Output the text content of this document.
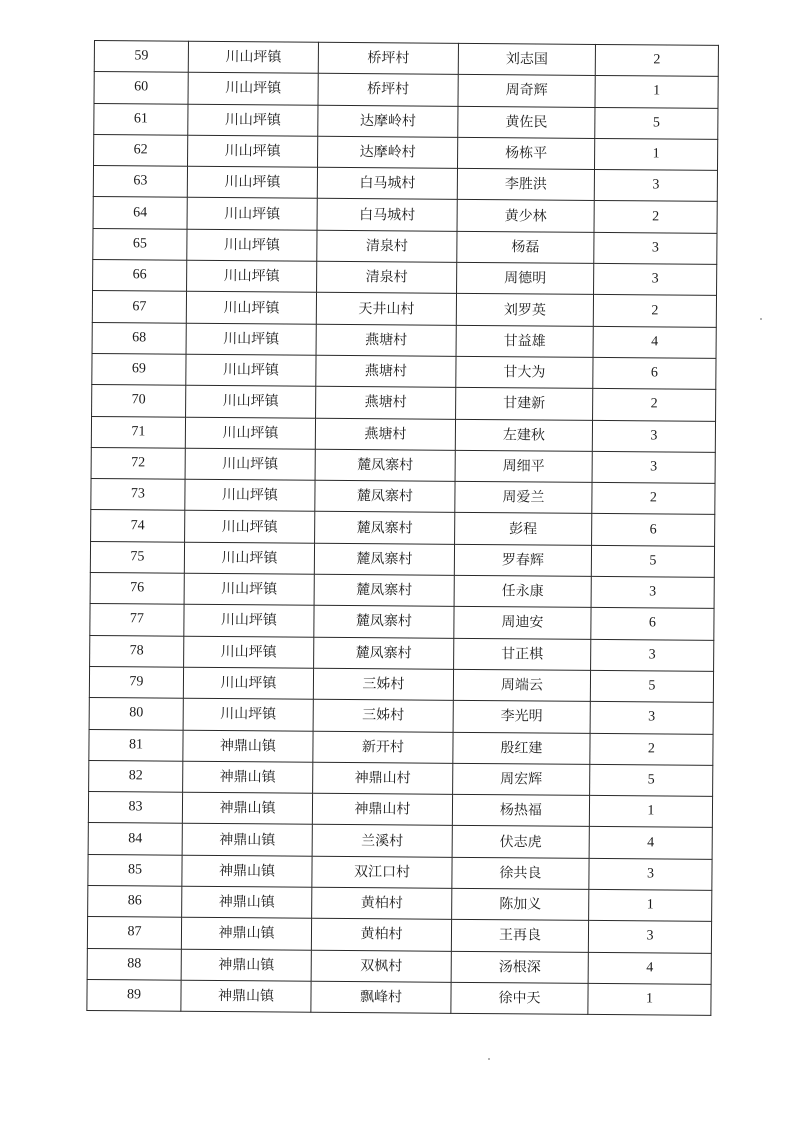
59	川山坪镇	桥坪村	刘志国	2
60	川山坪镇	桥坪村	周奇辉	1
61	川山坪镇	达摩岭村	黄佐民	5
62	川山坪镇	达摩岭村	杨栋平	1
63	川山坪镇	白马城村	李胜洪	3
64	川山坪镇	白马城村	黄少林	2
65	川山坪镇	清泉村	杨磊	3
66	川山坪镇	清泉村	周德明	3
67	川山坪镇	天井山村	刘罗英	2
68	川山坪镇	燕塘村	甘益雄	4
69	川山坪镇	燕塘村	甘大为	6
70	川山坪镇	燕塘村	甘建新	2
71	川山坪镇	燕塘村	左建秋	3
72	川山坪镇	麓凤寨村	周细平	3
73	川山坪镇	麓凤寨村	周爱兰	2
74	川山坪镇	麓凤寨村	彭程	6
75	川山坪镇	麓凤寨村	罗春辉	5
76	川山坪镇	麓凤寨村	任永康	3
77	川山坪镇	麓凤寨村	周迪安	6
78	川山坪镇	麓凤寨村	甘正棋	3
79	川山坪镇	三姊村	周端云	5
80	川山坪镇	三姊村	李光明	3
81	神鼎山镇	新开村	殷红建	2
82	神鼎山镇	神鼎山村	周宏辉	5
83	神鼎山镇	神鼎山村	杨热福	1
84	神鼎山镇	兰溪村	伏志虎	4
85	神鼎山镇	双江口村	徐共良	3
86	神鼎山镇	黄柏村	陈加义	1
87	神鼎山镇	黄柏村	王再良	3
88	神鼎山镇	双枫村	汤根深	4
89	神鼎山镇	飘峰村	徐中天	1
